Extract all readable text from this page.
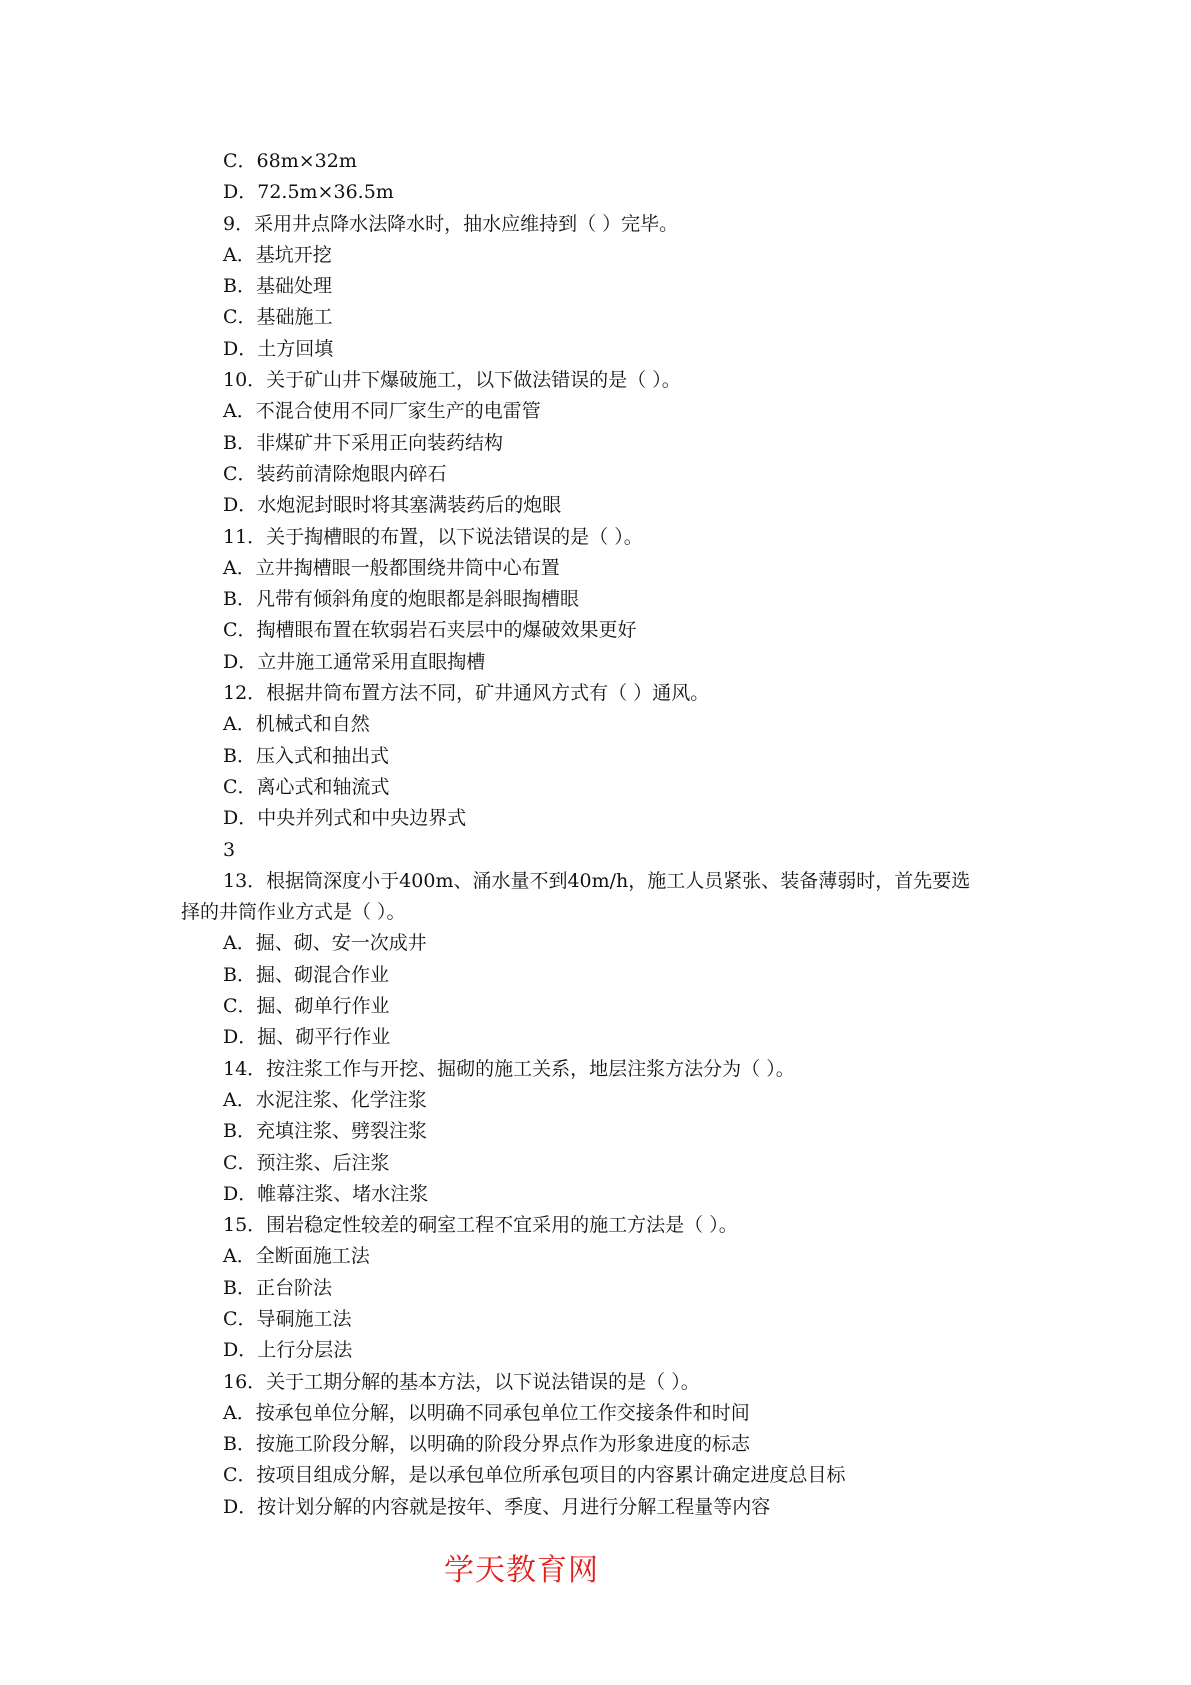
C．68m×32m
D．72.5m×36.5m
9．采用井点降水法降水时，抽水应维持到（ ）完毕。
A．基坑开挖
B．基础处理
C．基础施工
D．土方回填
10．关于矿山井下爆破施工，以下做法错误的是（ ）。
A．不混合使用不同厂家生产的电雷管
B．非煤矿井下采用正向装药结构
C．装药前清除炮眼内碎石
D．水炮泥封眼时将其塞满装药后的炮眼
11．关于掏槽眼的布置，以下说法错误的是（ ）。
A．立井掏槽眼一般都围绕井筒中心布置
B．凡带有倾斜角度的炮眼都是斜眼掏槽眼
C．掏槽眼布置在软弱岩石夹层中的爆破效果更好
D．立井施工通常采用直眼掏槽
12．根据井筒布置方法不同，矿井通风方式有（ ）通风。
A．机械式和自然
B．压入式和抽出式
C．离心式和轴流式
D．中央并列式和中央边界式
3
13．根据筒深度小于400m、涌水量不到40m/h，施工人员紧张、装备薄弱时，首先要选
择的井筒作业方式是（ ）。
A．掘、砌、安一次成井
B．掘、砌混合作业
C．掘、砌单行作业
D．掘、砌平行作业
14．按注浆工作与开挖、掘砌的施工关系，地层注浆方法分为（ ）。
A．水泥注浆、化学注浆
B．充填注浆、劈裂注浆
C．预注浆、后注浆
D．帷幕注浆、堵水注浆
15．围岩稳定性较差的硐室工程不宜采用的施工方法是（ ）。
A．全断面施工法
B．正台阶法
C．导硐施工法
D．上行分层法
16．关于工期分解的基本方法，以下说法错误的是（ ）。
A．按承包单位分解，以明确不同承包单位工作交接条件和时间
B．按施工阶段分解，以明确的阶段分界点作为形象进度的标志
C．按项目组成分解，是以承包单位所承包项目的内容累计确定进度总目标
D．按计划分解的内容就是按年、季度、月进行分解工程量等内容
学天教育网
